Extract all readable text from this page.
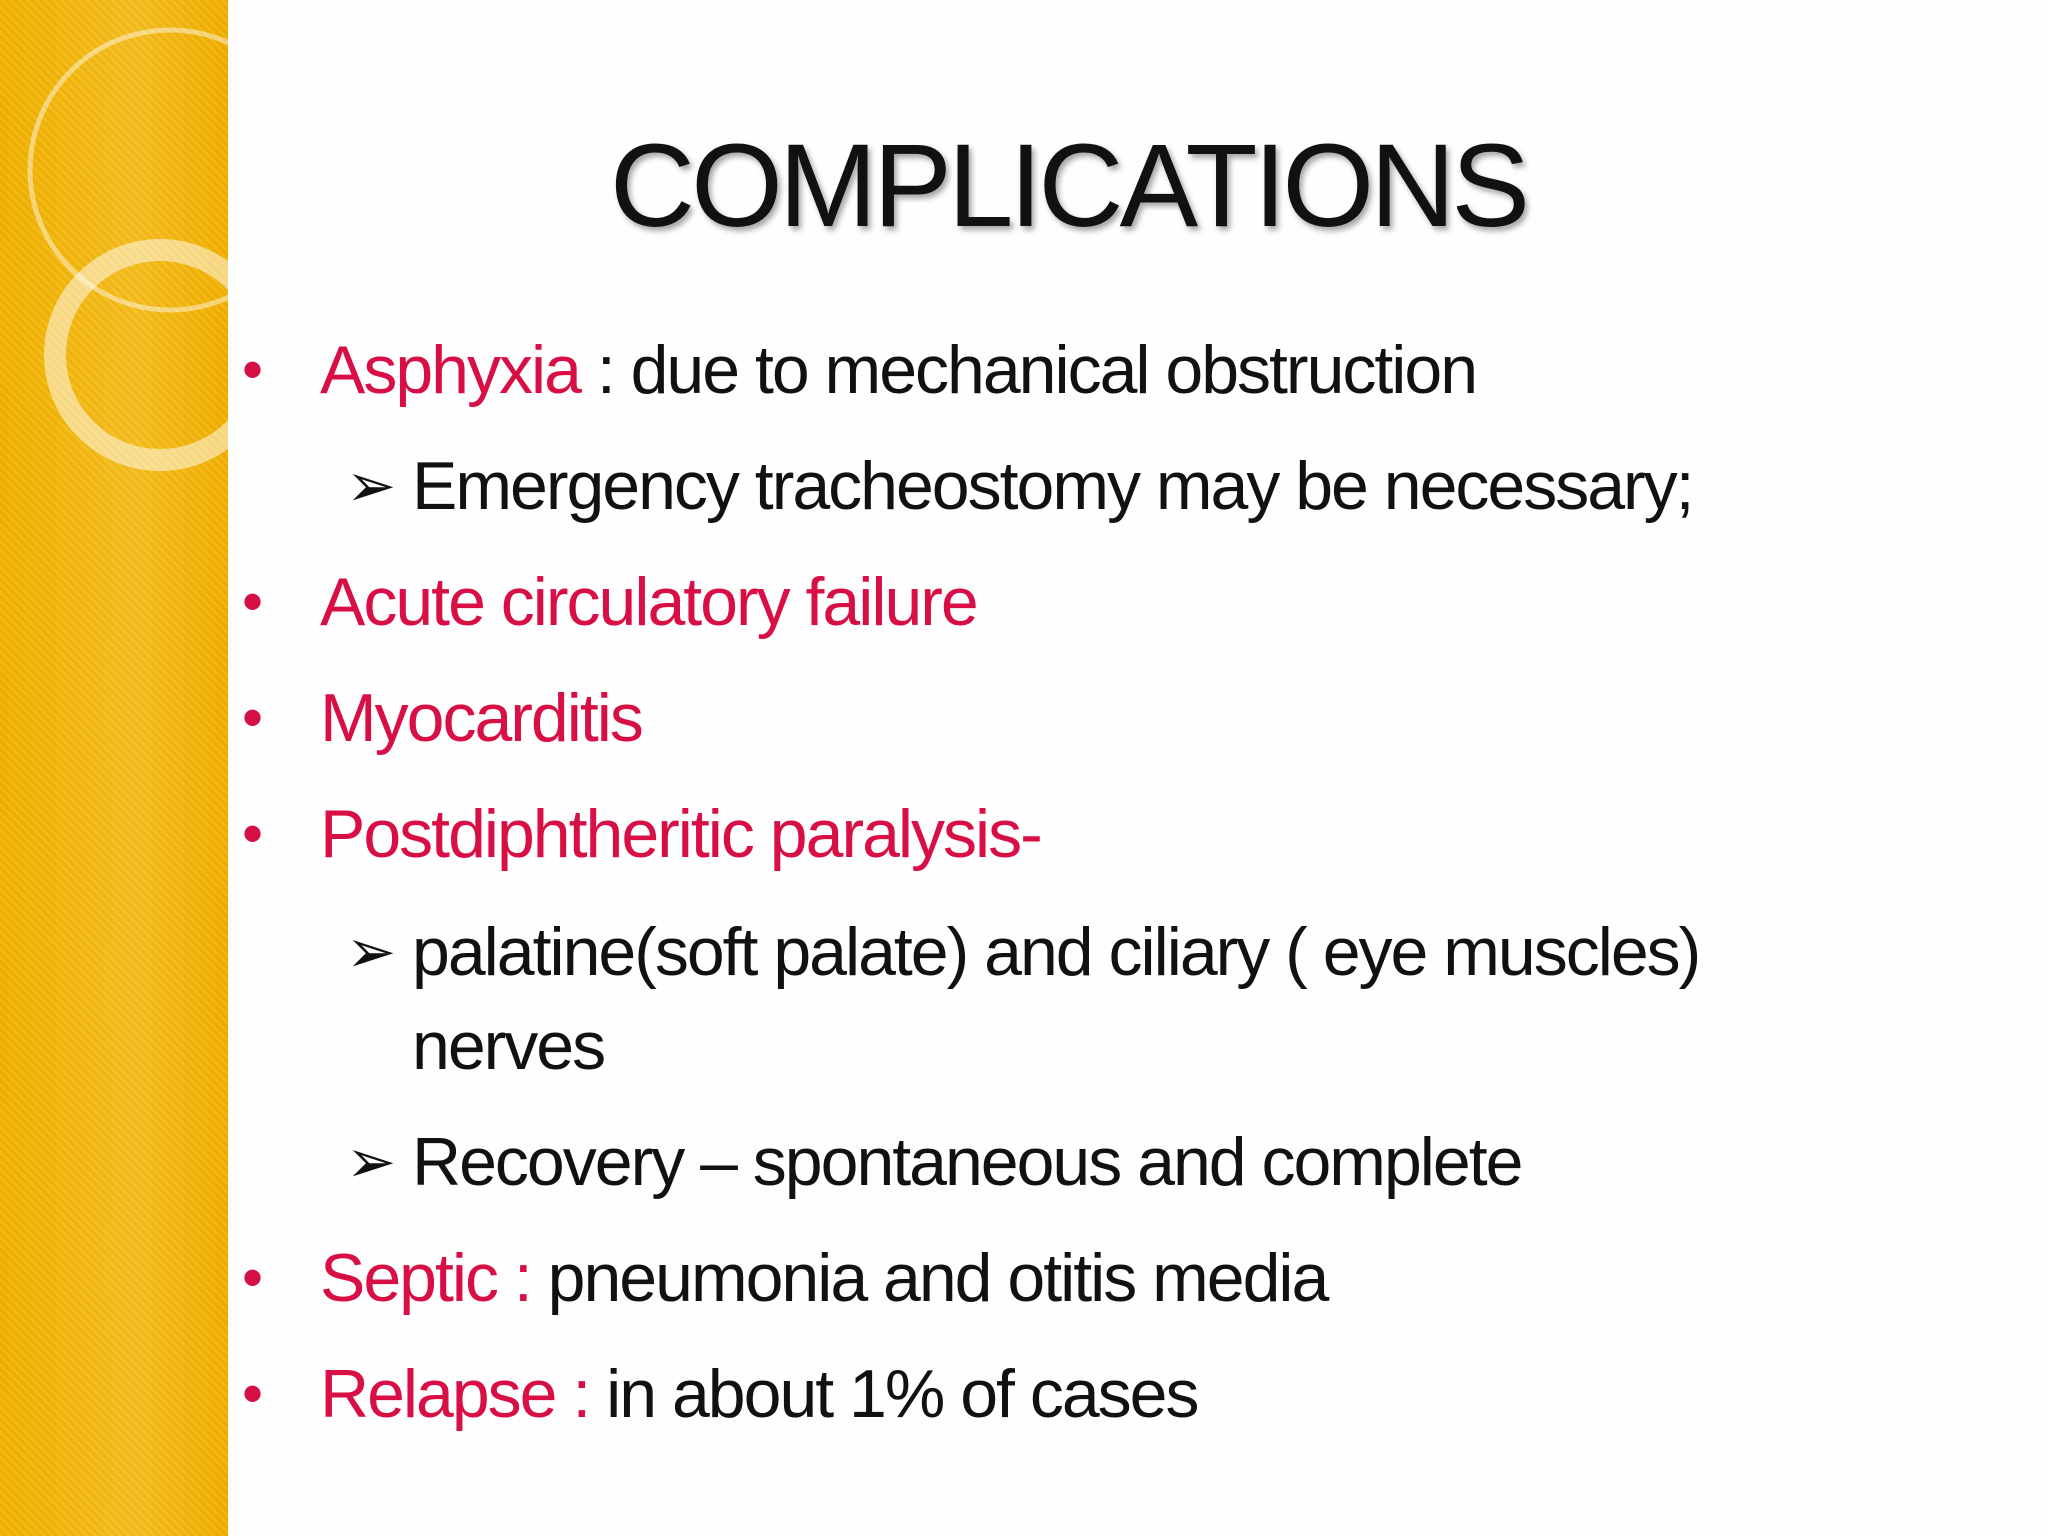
COMPLICATIONS
• Asphyxia : due to mechanical obstruction
➢ Emergency tracheostomy may be necessary;
• Acute circulatory failure
• Myocarditis
• Postdiphtheritic paralysis-
➢ palatine(soft palate) and ciliary ( eye muscles)
nerves
➢ Recovery – spontaneous and complete
• Septic : pneumonia and otitis media
• Relapse : in about 1% of cases
